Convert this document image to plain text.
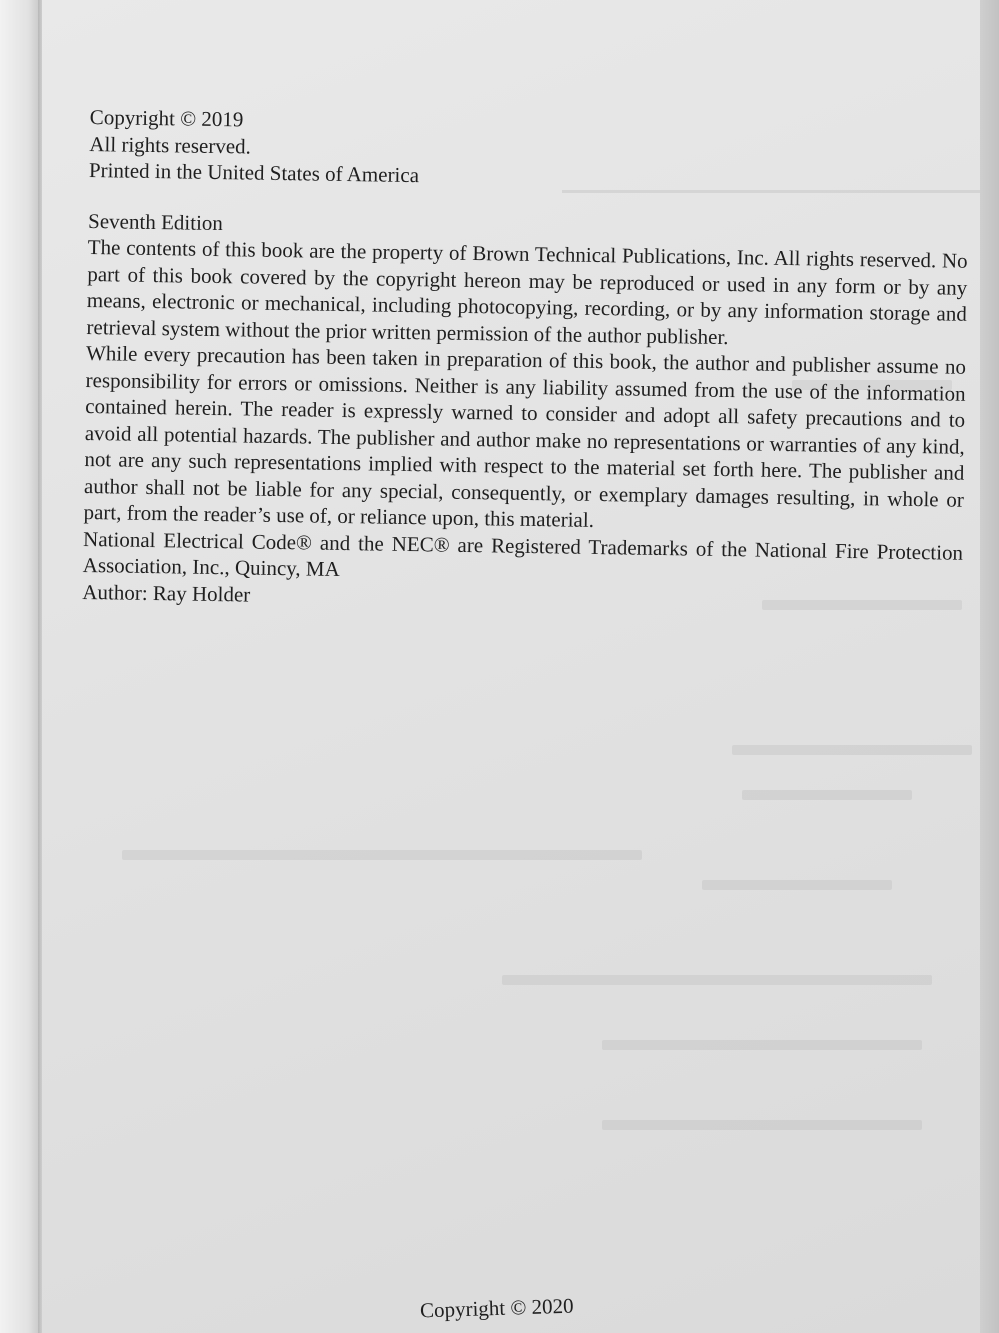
Copyright © 2019

All rights reserved.

Printed in the United States of America

Seventh Edition

The contents of this book are the property of Brown Technical Publications, Inc. All rights reserved. No part of this book covered by the copyright hereon may be reproduced or used in any form or by any means, electronic or mechanical, including photocopying, recording, or by any information storage and retrieval system without the prior written permission of the author publisher.

While every precaution has been taken in preparation of this book, the author and publisher assume no responsibility for errors or omissions. Neither is any liability assumed from the use of the information contained herein. The reader is expressly warned to consider and adopt all safety precautions and to avoid all potential hazards. The publisher and author make no representations or warranties of any kind, not are any such representations implied with respect to the material set forth here. The publisher and author shall not be liable for any special, consequently, or exemplary damages resulting, in whole or part, from the reader’s use of, or reliance upon, this material.

National Electrical Code® and the NEC® are Registered Trademarks of the National Fire Protection Association, Inc., Quincy, MA

Author: Ray Holder

Copyright © 2020
